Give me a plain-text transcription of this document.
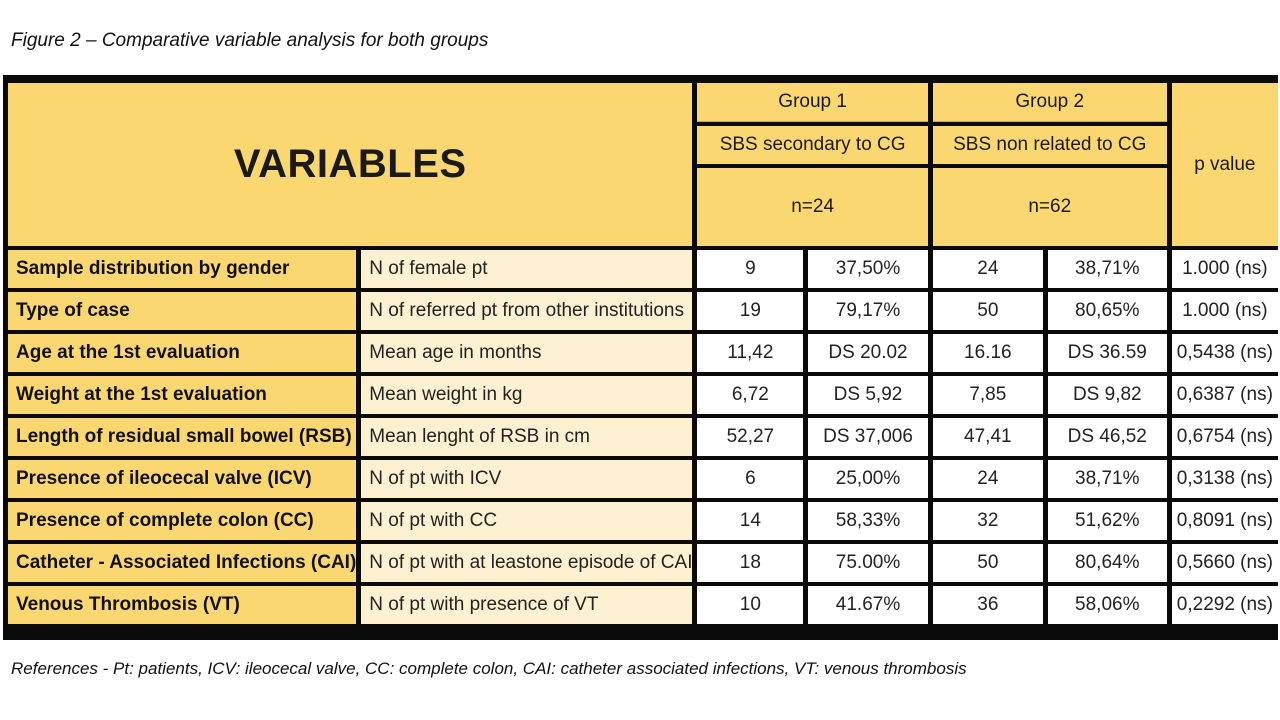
Figure 2 – Comparative variable analysis for both groups
VARIABLES		Group 1		Group 2		p value
		SBS secondary to CG		SBS non related to CG		
		n=24		n=62		
Sample distribution by gender	N of female pt	9	37,50%	24	38,71%	1.000 (ns)
Type of case	N of referred pt from other institutions	19	79,17%	50	80,65%	1.000 (ns)
Age at the 1st evaluation	Mean age in months	11,42	DS 20.02	16.16	DS 36.59	0,5438 (ns)
Weight at the 1st evaluation	Mean weight in kg	6,72	DS 5,92	7,85	DS 9,82	0,6387 (ns)
Length of residual small bowel (RSB)	Mean lenght of RSB in cm	52,27	DS 37,006	47,41	DS 46,52	0,6754 (ns)
Presence of ileocecal valve (ICV)	N of pt with ICV	6	25,00%	24	38,71%	0,3138 (ns)
Presence of complete colon (CC)	N of pt with CC	14	58,33%	32	51,62%	0,8091 (ns)
Catheter - Associated Infections (CAI)	N of pt with at leastone episode of CAI	18	75.00%	50	80,64%	0,5660 (ns)
Venous Thrombosis (VT)	N of pt with presence of VT	10	41.67%	36	58,06%	0,2292 (ns)
References - Pt: patients, ICV: ileocecal valve, CC: complete colon, CAI: catheter associated infections, VT: venous thrombosis
